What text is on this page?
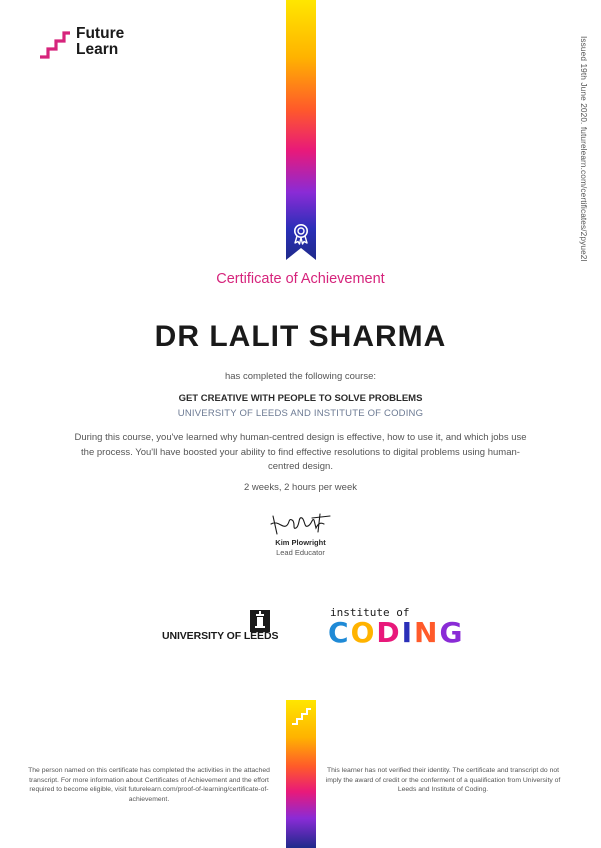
Future
Learn	Issued 19th June 2020. futurelearn.com/certificates/2pyue2l
Certificate of Achievement
DR LALIT SHARMA
has completed the following course:
GET CREATIVE WITH PEOPLE TO SOLVE PROBLEMS
UNIVERSITY OF LEEDS AND INSTITUTE OF CODING
During this course, you've learned why human-centred design is effective, how to use it, and which jobs use the process. You'll have boosted your ability to find effective resolutions to digital problems using human-centred design.
2 weeks, 2 hours per week
Kim Plowright
Lead Educator
UNIVERSITY OF LEEDS
institute of
CODING
The person named on this certificate has completed the activities in the attached transcript. For more information about Certificates of Achievement and the effort required to become eligible, visit futurelearn.com/proof-of-learning/certificate-of-achievement.
This learner has not verified their identity. The certificate and transcript do not imply the award of credit or the conferment of a qualification from University of Leeds and Institute of Coding.
